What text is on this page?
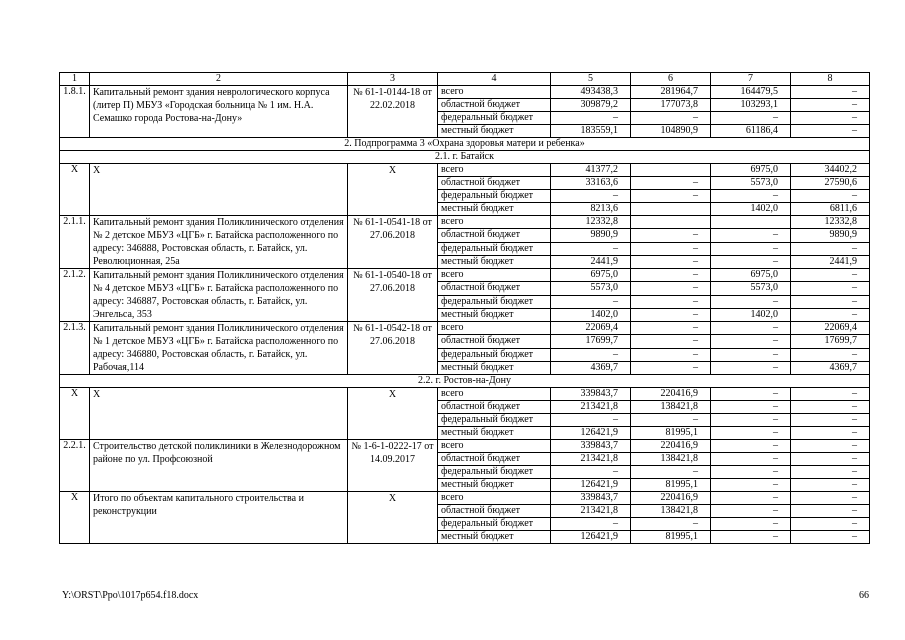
1	2	3	4	5	6	7	8
1.8.1.	Капитальный ремонт здания неврологического корпуса (литер П) МБУЗ «Городская больница № 1 им. Н.А. Семашко города Ростова-на-Дону»	№ 61-1-0144-18 от 22.02.2018	всего	493438,3	281964,7	164479,5	–
			областной бюджет	309879,2	177073,8	103293,1	–
			федеральный бюджет	–	–	–	–
			местный бюджет	183559,1	104890,9	61186,4	–
2. Подпрограмма 3 «Охрана здоровья матери и ребенка»							
2.1. г. Батайск							
X	X	X	всего	41377,2		6975,0	34402,2
			областной бюджет	33163,6	–	5573,0	27590,6
			федеральный бюджет	–	–	–	–
			местный бюджет	8213,6		1402,0	6811,6
2.1.1.	Капитальный ремонт здания Поликлинического отделения № 2 детское МБУЗ «ЦГБ» г. Батайска расположенного по адресу: 346888, Ростовская область, г. Батайск, ул. Революционная, 25а	№ 61-1-0541-18 от 27.06.2018	всего	12332,8			12332,8
			областной бюджет	9890,9	–	–	9890,9
			федеральный бюджет	–	–	–	–
			местный бюджет	2441,9	–	–	2441,9
2.1.2.	Капитальный ремонт здания Поликлинического отделения № 4 детское МБУЗ «ЦГБ» г. Батайска расположенного по адресу: 346887, Ростовская область, г. Батайск, ул. Энгельса, 353	№ 61-1-0540-18 от 27.06.2018	всего	6975,0	–	6975,0	–
			областной бюджет	5573,0	–	5573,0	–
			федеральный бюджет	–	–	–	–
			местный бюджет	1402,0	–	1402,0	–
2.1.3.	Капитальный ремонт здания Поликлинического отделения № 1 детское МБУЗ «ЦГБ» г. Батайска расположенного по адресу: 346880, Ростовская область, г. Батайск, ул. Рабочая,114	№ 61-1-0542-18 от 27.06.2018	всего	22069,4	–	–	22069,4
			областной бюджет	17699,7	–	–	17699,7
			федеральный бюджет	–	–	–	–
			местный бюджет	4369,7	–	–	4369,7
2.2. г. Ростов-на-Дону							
X	X	X	всего	339843,7	220416,9	–	–
			областной бюджет	213421,8	138421,8	–	–
			федеральный бюджет	–	–	–	–
			местный бюджет	126421,9	81995,1	–	–
2.2.1.	Строительство детской поликлиники в Железнодорожном районе по ул. Профсоюзной	№ 1-6-1-0222-17 от 14.09.2017	всего	339843,7	220416,9	–	–
			областной бюджет	213421,8	138421,8	–	–
			федеральный бюджет	–	–	–	–
			местный бюджет	126421,9	81995,1	–	–
X	Итого по объектам капитального строительства и реконструкции	X	всего	339843,7	220416,9	–	–
			областной бюджет	213421,8	138421,8	–	–
			федеральный бюджет	–	–	–	–
			местный бюджет	126421,9	81995,1	–	–
Y:\ORST\Ppo\1017p654.f18.docx	66
